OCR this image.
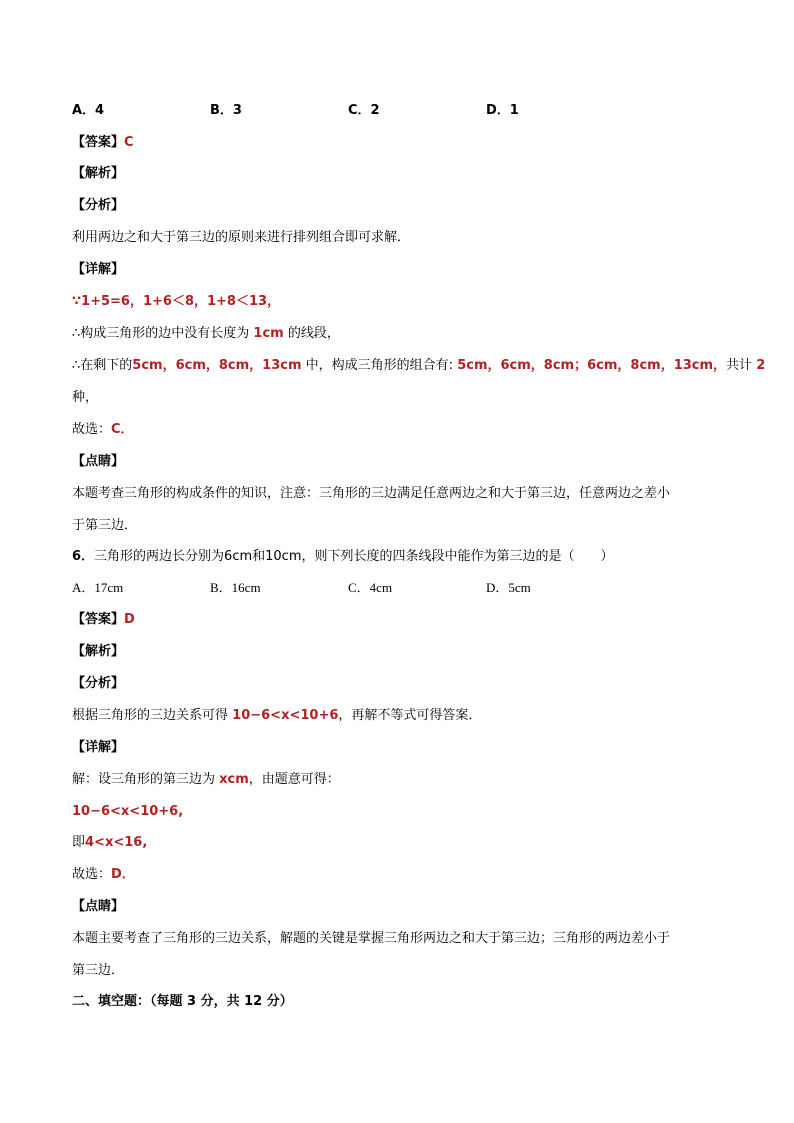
A．4	B．3	C．2	D．1
【答案】C
【解析】
【分析】
利用两边之和大于第三边的原则来进行排列组合即可求解．
【详解】
∵1+5=6，1+6＜8，1+8＜13，
∴构成三角形的边中没有长度为 1cm 的线段，
∴在剩下的5cm，6cm，8cm，13cm 中，构成三角形的组合有: 5cm，6cm，8cm；6cm，8cm，13cm，共计 2
种，
故选：C．
【点睛】
本题考查三角形的构成条件的知识，注意：三角形的三边满足任意两边之和大于第三边，任意两边之差小
于第三边．
6．三角形的两边长分别为6cm和10cm，则下列长度的四条线段中能作为第三边的是（　　）
A．17cm	B．16cm	C．4cm	D．5cm
【答案】D
【解析】
【分析】
根据三角形的三边关系可得 10−6<x<10+6，再解不等式可得答案．
【详解】
解：设三角形的第三边为 xcm，由题意可得：
10−6<x<10+6,
即4<x<16,
故选：D．
【点睛】
本题主要考查了三角形的三边关系，解题的关键是掌握三角形两边之和大于第三边；三角形的两边差小于
第三边．
二、填空题：（每题 3 分，共 12 分）
